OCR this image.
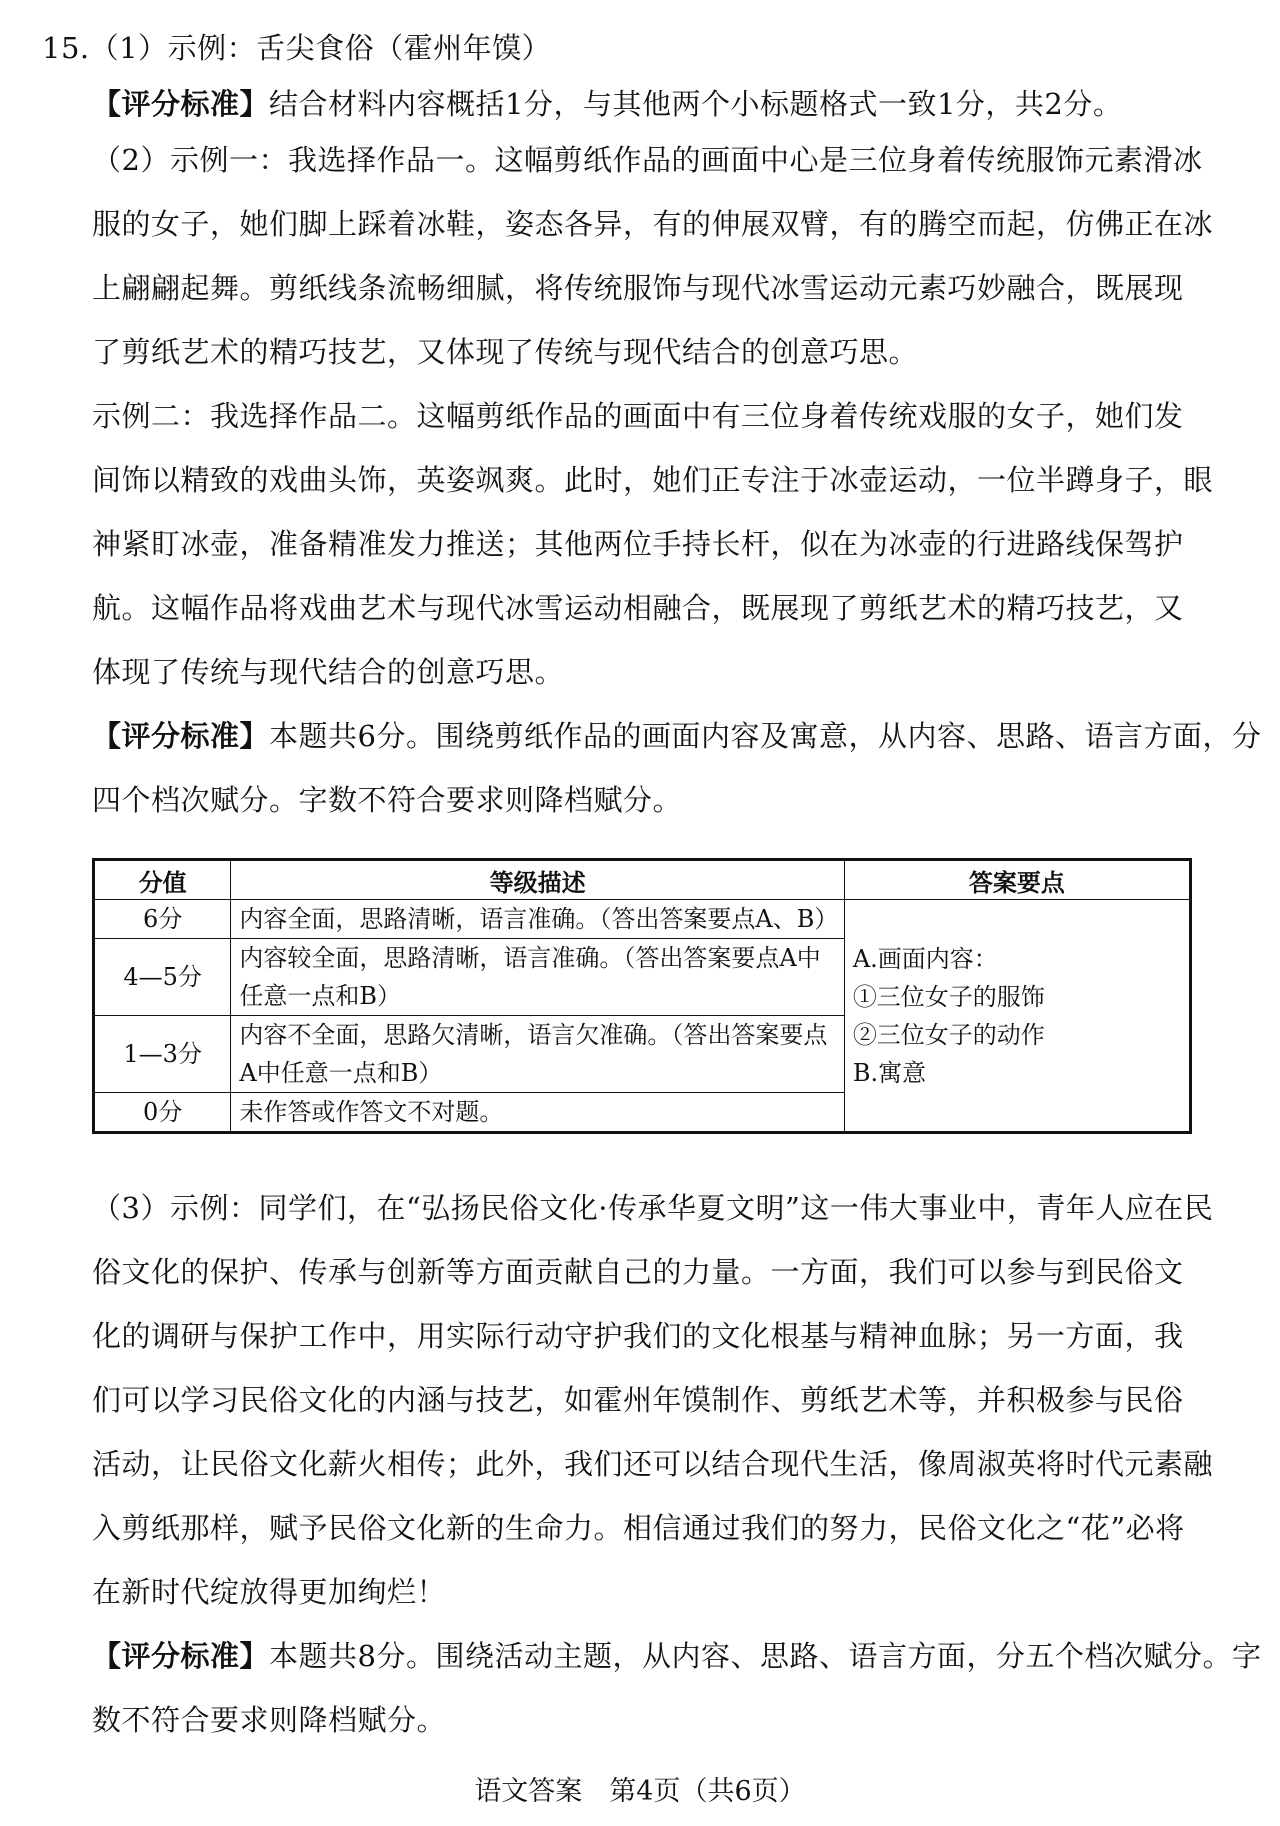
15.（1）示例：舌尖食俗（霍州年馍）
【评分标准】结合材料内容概括1分，与其他两个小标题格式一致1分，共2分。
（2）示例一：我选择作品一。这幅剪纸作品的画面中心是三位身着传统服饰元素滑冰
服的女子，她们脚上踩着冰鞋，姿态各异，有的伸展双臂，有的腾空而起，仿佛正在冰
上翩翩起舞。剪纸线条流畅细腻，将传统服饰与现代冰雪运动元素巧妙融合，既展现
了剪纸艺术的精巧技艺，又体现了传统与现代结合的创意巧思。
示例二：我选择作品二。这幅剪纸作品的画面中有三位身着传统戏服的女子，她们发
间饰以精致的戏曲头饰，英姿飒爽。此时，她们正专注于冰壶运动，一位半蹲身子，眼
神紧盯冰壶，准备精准发力推送；其他两位手持长杆，似在为冰壶的行进路线保驾护
航。这幅作品将戏曲艺术与现代冰雪运动相融合，既展现了剪纸艺术的精巧技艺，又
体现了传统与现代结合的创意巧思。
【评分标准】本题共6分。围绕剪纸作品的画面内容及寓意，从内容、思路、语言方面，分
四个档次赋分。字数不符合要求则降档赋分。
分值	等级描述	答案要点
6分	内容全面，思路清晰，语言准确。（答出答案要点A、B）	A.画面内容：
①三位女子的服饰
②三位女子的动作
B.寓意

4—5分	内容较全面，思路清晰，语言准确。（答出答案要点A中
任意一点和B）	

1—3分	内容不全面，思路欠清晰，语言欠准确。（答出答案要点
A中任意一点和B）	

0分	未作答或作答文不对题。	
（3）示例：同学们，在“弘扬民俗文化·传承华夏文明”这一伟大事业中，青年人应在民
俗文化的保护、传承与创新等方面贡献自己的力量。一方面，我们可以参与到民俗文
化的调研与保护工作中，用实际行动守护我们的文化根基与精神血脉；另一方面，我
们可以学习民俗文化的内涵与技艺，如霍州年馍制作、剪纸艺术等，并积极参与民俗
活动，让民俗文化薪火相传；此外，我们还可以结合现代生活，像周淑英将时代元素融
入剪纸那样，赋予民俗文化新的生命力。相信通过我们的努力，民俗文化之“花”必将
在新时代绽放得更加绚烂！
【评分标准】本题共8分。围绕活动主题，从内容、思路、语言方面，分五个档次赋分。字
数不符合要求则降档赋分。
语文答案　第4页（共6页）
